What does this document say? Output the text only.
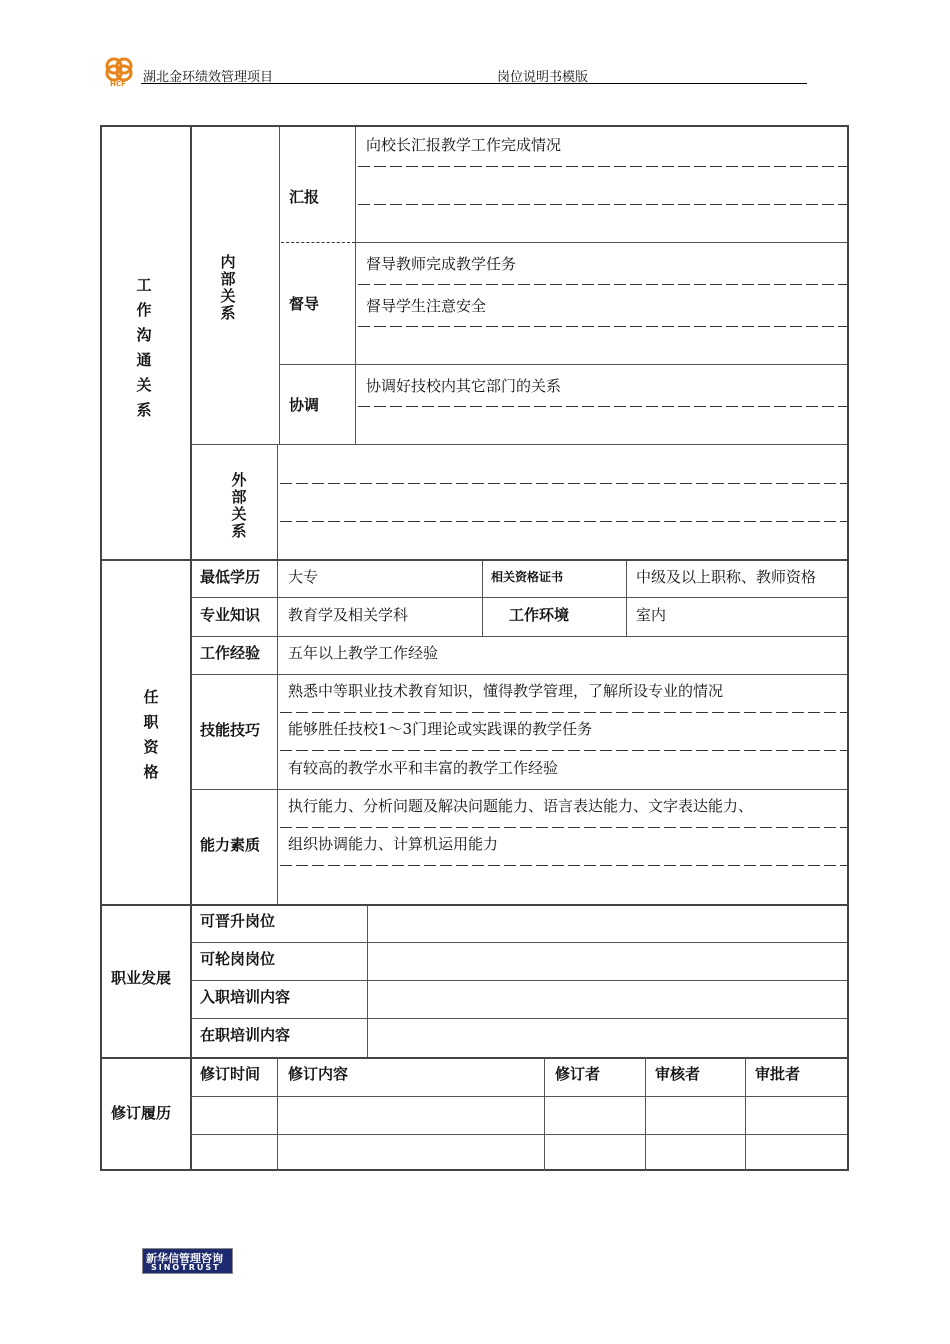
HCF 湖北金环绩效管理项目	岗位说明书模版
工作沟通关系
内部关系
外部关系
汇报
向校长汇报教学工作完成情况
督导
督导教师完成教学任务
督导学生注意安全
协调
协调好技校内其它部门的关系
任职资格
最低学历 大专	相关资格证书	中级及以上职称、教师资格
专业知识 教育学及相关学科	工作环境	室内
工作经验 五年以上教学工作经验
技能技巧
熟悉中等职业技术教育知识，懂得教学管理，了解所设专业的情况
能够胜任技校1～3门理论或实践课的教学任务
有较高的教学水平和丰富的教学工作经验
能力素质
执行能力、分析问题及解决问题能力、语言表达能力、文字表达能力、
组织协调能力、计算机运用能力
职业发展
可晋升岗位
可轮岗岗位
入职培训内容
在职培训内容
修订履历
修订时间 修订内容	修订者	审核者	审批者
新华信管理咨询
SINOTRUST
